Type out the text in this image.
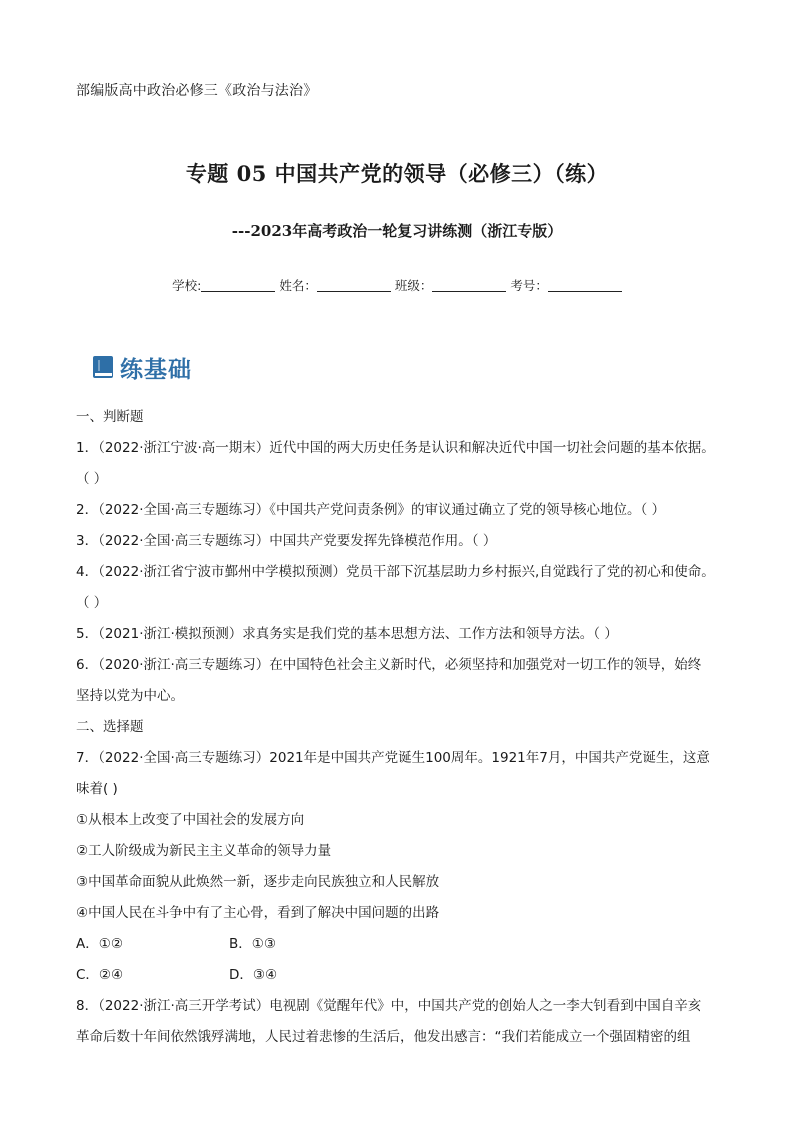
部编版高中政治必修三《政治与法治》
专题 05 中国共产党的领导（必修三）（练）
---2023年高考政治一轮复习讲练测（浙江专版）
学校:	姓名：	班级：	考号：
练基础

一、判断题

1．（2022·浙江宁波·高一期末）近代中国的两大历史任务是认识和解决近代中国一切社会问题的基本依据。

（ ）

2．（2022·全国·高三专题练习）《中国共产党问责条例》的审议通过确立了党的领导核心地位。（ ）

3．（2022·全国·高三专题练习）中国共产党要发挥先锋模范作用。（ ）

4．（2022·浙江省宁波市鄞州中学模拟预测）党员干部下沉基层助力乡村振兴,自觉践行了党的初心和使命。

（ ）

5．（2021·浙江·模拟预测）求真务实是我们党的基本思想方法、工作方法和领导方法。（ ）

6．（2020·浙江·高三专题练习）在中国特色社会主义新时代，必须坚持和加强党对一切工作的领导，始终

坚持以党为中心。

二、选择题

7．（2022·全国·高三专题练习）2021年是中国共产党诞生100周年。1921年7月，中国共产党诞生，这意

味着( )

①从根本上改变了中国社会的发展方向

②工人阶级成为新民主主义革命的领导力量

③中国革命面貌从此焕然一新，逐步走向民族独立和人民解放

④中国人民在斗争中有了主心骨，看到了解决中国问题的出路

A．①②	B．①③

C．②④	D．③④

8．（2022·浙江·高三开学考试）电视剧《觉醒年代》中，中国共产党的创始人之一李大钊看到中国自辛亥

革命后数十年间依然饿殍满地，人民过着悲惨的生活后，他发出感言：“我们若能成立一个强固精密的组
